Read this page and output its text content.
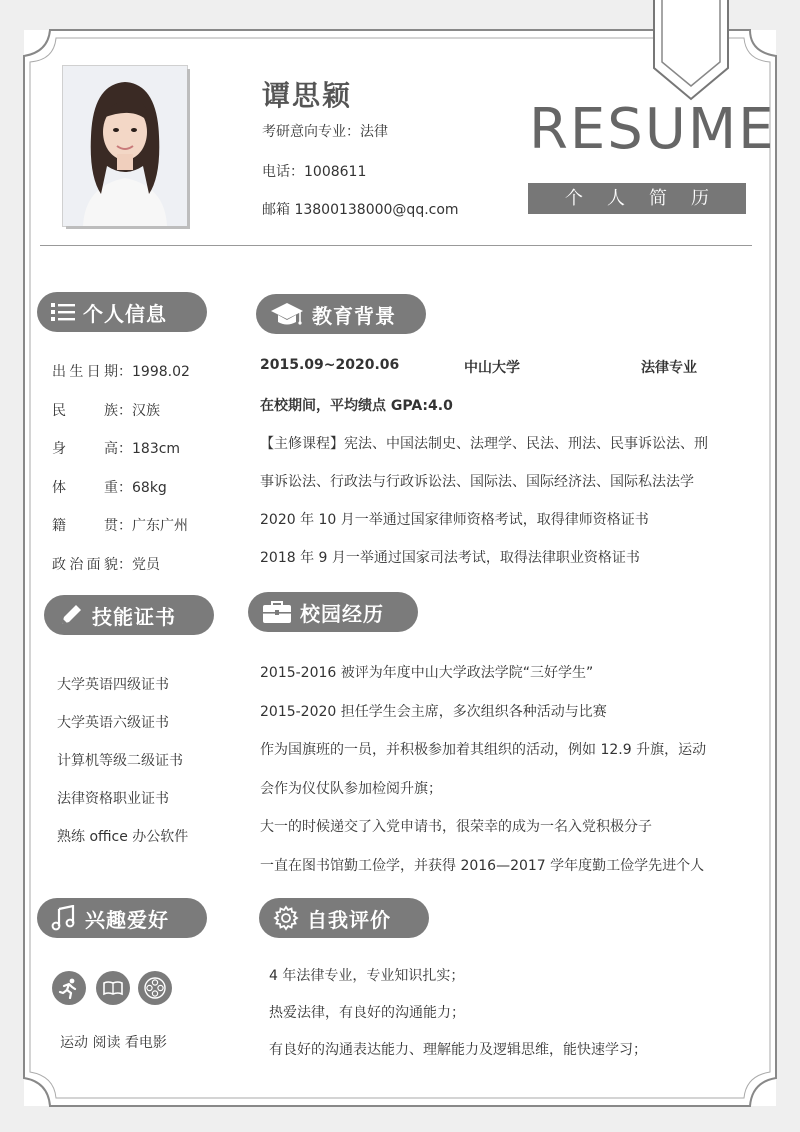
谭思颖
考研意向专业：法律
电话：1008611
邮箱 13800138000@qq.com
RESUME
个人简历
个人信息
出生日期：1998.02
民族：汉族
身高：183cm
体重：68kg
籍贯：广东广州
政治面貌：党员
技能证书
大学英语四级证书
大学英语六级证书
计算机等级二级证书
法律资格职业证书
熟练 office 办公软件
兴趣爱好
运动 阅读 看电影
教育背景
2015.09~2020.06	中山大学	法律专业
在校期间，平均绩点 GPA:4.0
【主修课程】宪法、中国法制史、法理学、民法、刑法、民事诉讼法、刑
事诉讼法、行政法与行政诉讼法、国际法、国际经济法、国际私法法学
2020 年 10 月一举通过国家律师资格考试，取得律师资格证书
2018 年 9 月一举通过国家司法考试，取得法律职业资格证书
校园经历
2015-2016 被评为年度中山大学政法学院“三好学生”
2015-2020 担任学生会主席，多次组织各种活动与比赛
作为国旗班的一员，并积极参加着其组织的活动，例如 12.9 升旗，运动
会作为仪仗队参加检阅升旗；
大一的时候递交了入党申请书，很荣幸的成为一名入党积极分子
一直在图书馆勤工俭学，并获得 2016—2017 学年度勤工俭学先进个人
自我评价
4 年法律专业，专业知识扎实；
热爱法律，有良好的沟通能力；
有良好的沟通表达能力、理解能力及逻辑思维，能快速学习；
